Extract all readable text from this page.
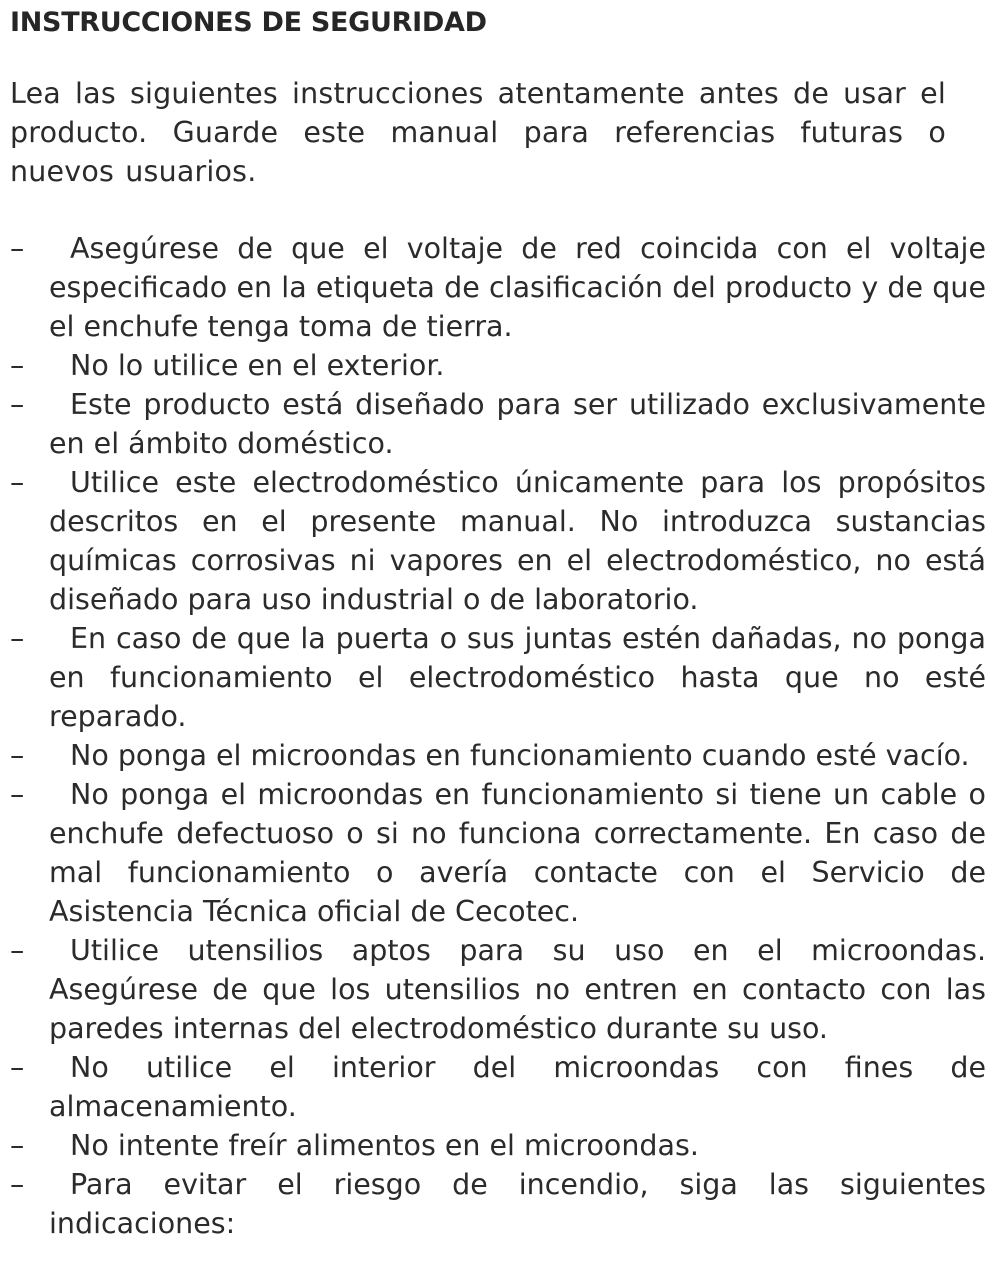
INSTRUCCIONES DE SEGURIDAD

Lea las siguientes instrucciones atentamente antes de usar el producto. Guarde este manual para referencias futuras o nuevos usuarios.

–	Asegúrese de que el voltaje de red coincida con el voltaje especificado en la etiqueta de clasificación del producto y de que el enchufe tenga toma de tierra.
–	No lo utilice en el exterior.
–	Este producto está diseñado para ser utilizado exclusivamente en el ámbito doméstico.
–	Utilice este electrodoméstico únicamente para los propósitos descritos en el presente manual. No introduzca sustancias químicas corrosivas ni vapores en el electrodoméstico, no está diseñado para uso industrial o de laboratorio.
–	En caso de que la puerta o sus juntas estén dañadas, no ponga en funcionamiento el electrodoméstico hasta que no esté reparado.
–	No ponga el microondas en funcionamiento cuando esté vacío.
–	No ponga el microondas en funcionamiento si tiene un cable o enchufe defectuoso o si no funciona correctamente. En caso de mal funcionamiento o avería contacte con el Servicio de Asistencia Técnica oficial de Cecotec.
–	Utilice utensilios aptos para su uso en el microondas. Asegúrese de que los utensilios no entren en contacto con las paredes internas del electrodoméstico durante su uso.
–	No utilice el interior del microondas con fines de almacenamiento.
–	No intente freír alimentos en el microondas.
–	Para evitar el riesgo de incendio, siga las siguientes indicaciones:
